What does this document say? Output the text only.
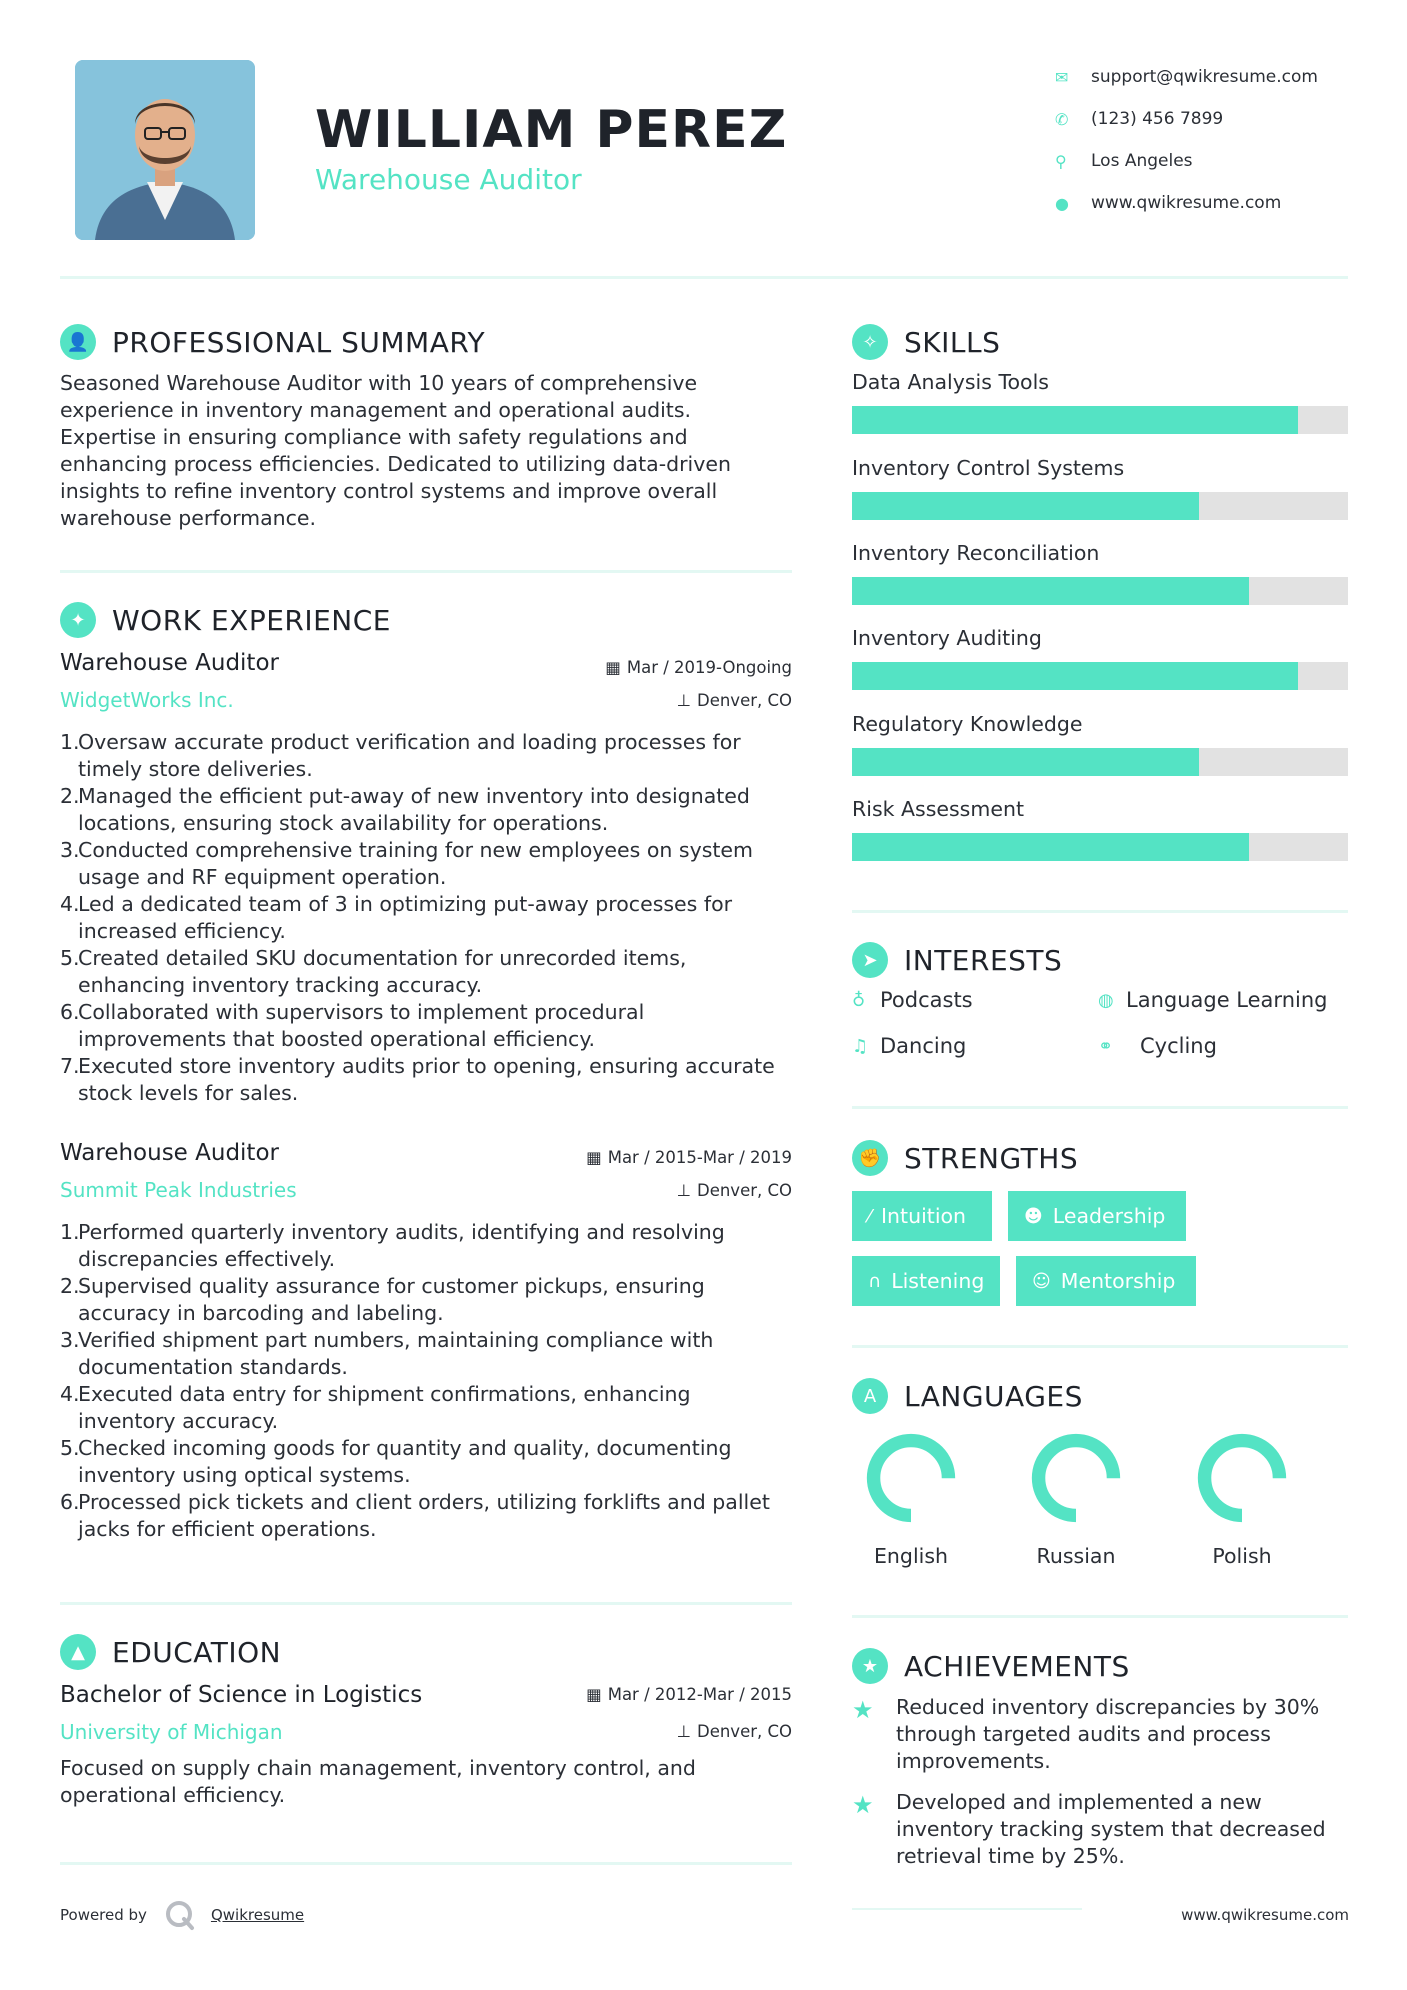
WILLIAM PEREZ
Warehouse Auditor
✉	support@qwikresume.com
✆	(123) 456 7899
⚲	Los Angeles
●	www.qwikresume.com
👤 PROFESSIONAL SUMMARY
Seasoned Warehouse Auditor with 10 years of comprehensive
experience in inventory management and operational audits.
Expertise in ensuring compliance with safety regulations and
enhancing process efficiencies. Dedicated to utilizing data-driven
insights to refine inventory control systems and improve overall
warehouse performance.
✦ WORK EXPERIENCE
Warehouse Auditor
WidgetWorks Inc.
▦ Mar / 2019-Ongoing
⊥ Denver, CO
1.
Oversaw accurate product verification and loading processes for
timely store deliveries.
2.
Managed the efficient put-away of new inventory into designated
locations, ensuring stock availability for operations.
3.
Conducted comprehensive training for new employees on system
usage and RF equipment operation.
4.
Led a dedicated team of 3 in optimizing put-away processes for
increased efficiency.
5.
Created detailed SKU documentation for unrecorded items,
enhancing inventory tracking accuracy.
6.
Collaborated with supervisors to implement procedural
improvements that boosted operational efficiency.
7.
Executed store inventory audits prior to opening, ensuring accurate
stock levels for sales.
Warehouse Auditor
Summit Peak Industries
▦ Mar / 2015-Mar / 2019
⊥ Denver, CO
1.
Performed quarterly inventory audits, identifying and resolving
discrepancies effectively.
2.
Supervised quality assurance for customer pickups, ensuring
accuracy in barcoding and labeling.
3.
Verified shipment part numbers, maintaining compliance with
documentation standards.
4.
Executed data entry for shipment confirmations, enhancing
inventory accuracy.
5.
Checked incoming goods for quantity and quality, documenting
inventory using optical systems.
6.
Processed pick tickets and client orders, utilizing forklifts and pallet
jacks for efficient operations.
▲ EDUCATION
Bachelor of Science in Logistics
University of Michigan
▦ Mar / 2012-Mar / 2015
⊥ Denver, CO
Focused on supply chain management, inventory control, and
operational efficiency.
✧ SKILLS
Data Analysis Tools
Inventory Control Systems
Inventory Reconciliation
Inventory Auditing
Regulatory Knowledge
Risk Assessment
➤ INTERESTS
♁ Podcasts	◍ Language Learning
♫ Dancing	⚭	Cycling
✊ STRENGTHS
⁄ Intuition	☻ Leadership
∩ Listening	☺ Mentorship
A LANGUAGES
English	Russian	Polish
★ ACHIEVEMENTS
★	Reduced inventory discrepancies by 30%
through targeted audits and process
improvements.
★	Developed and implemented a new
inventory tracking system that decreased
retrieval time by 25%.
Powered by	Qwikresume	www.qwikresume.com
